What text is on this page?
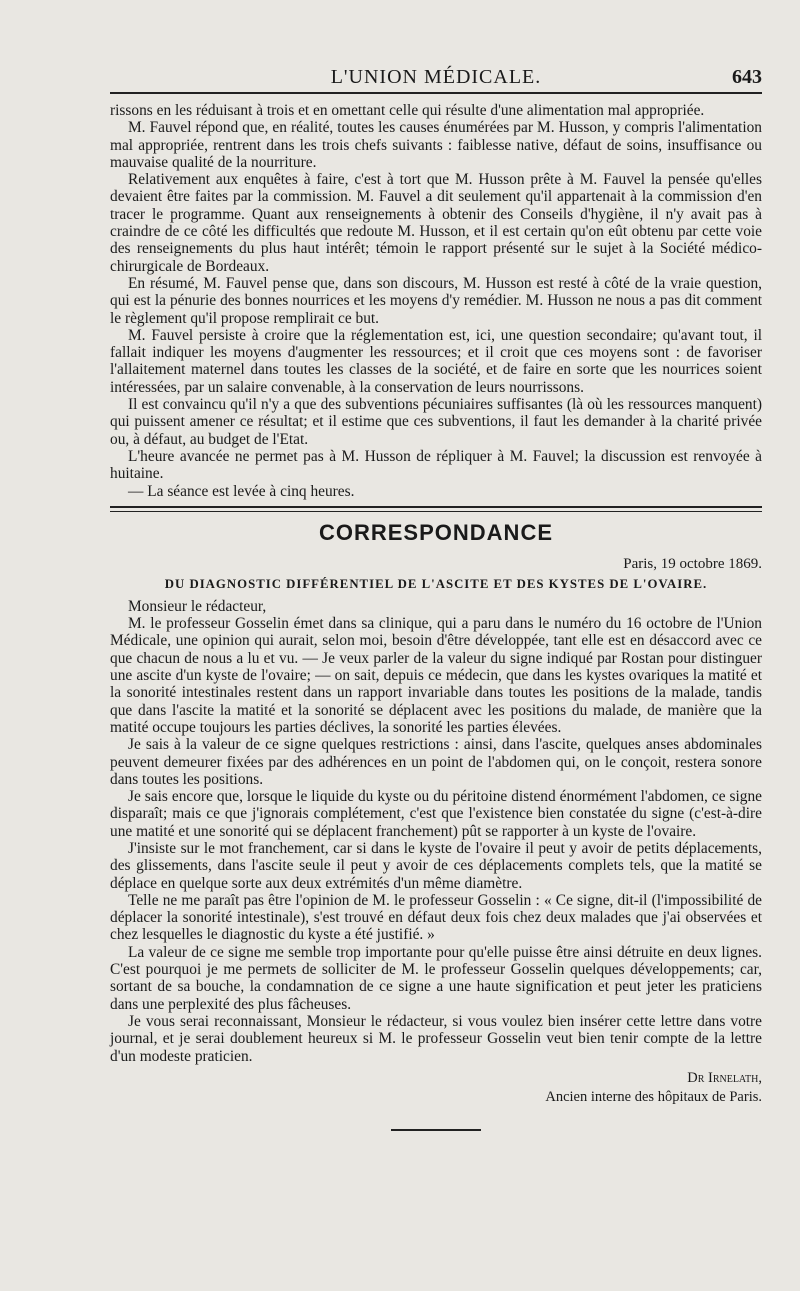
L'UNION MÉDICALE.	643

rissons en les réduisant à trois et en omettant celle qui résulte d'une alimentation mal appropriée.

M. Fauvel répond que, en réalité, toutes les causes énumérées par M. Husson, y compris l'alimentation mal appropriée, rentrent dans les trois chefs suivants : faiblesse native, défaut de soins, insuffisance ou mauvaise qualité de la nourriture.

Relativement aux enquêtes à faire, c'est à tort que M. Husson prête à M. Fauvel la pensée qu'elles devaient être faites par la commission. M. Fauvel a dit seulement qu'il appartenait à la commission d'en tracer le programme. Quant aux renseignements à obtenir des Conseils d'hygiène, il n'y avait pas à craindre de ce côté les difficultés que redoute M. Husson, et il est certain qu'on eût obtenu par cette voie des renseignements du plus haut intérêt; témoin le rapport présenté sur le sujet à la Société médico-chirurgicale de Bordeaux.

En résumé, M. Fauvel pense que, dans son discours, M. Husson est resté à côté de la vraie question, qui est la pénurie des bonnes nourrices et les moyens d'y remédier. M. Husson ne nous a pas dit comment le règlement qu'il propose remplirait ce but.

M. Fauvel persiste à croire que la réglementation est, ici, une question secondaire; qu'avant tout, il fallait indiquer les moyens d'augmenter les ressources; et il croit que ces moyens sont : de favoriser l'allaitement maternel dans toutes les classes de la société, et de faire en sorte que les nourrices soient intéressées, par un salaire convenable, à la conservation de leurs nourrissons.

Il est convaincu qu'il n'y a que des subventions pécuniaires suffisantes (là où les ressources manquent) qui puissent amener ce résultat; et il estime que ces subventions, il faut les demander à la charité privée ou, à défaut, au budget de l'Etat.

L'heure avancée ne permet pas à M. Husson de répliquer à M. Fauvel; la discussion est renvoyée à huitaine.

— La séance est levée à cinq heures.

CORRESPONDANCE
Paris, 19 octobre 1869.
DU DIAGNOSTIC DIFFÉRENTIEL DE L'ASCITE ET DES KYSTES DE L'OVAIRE.

Monsieur le rédacteur,

M. le professeur Gosselin émet dans sa clinique, qui a paru dans le numéro du 16 octobre de l'Union Médicale, une opinion qui aurait, selon moi, besoin d'être développée, tant elle est en désaccord avec ce que chacun de nous a lu et vu. — Je veux parler de la valeur du signe indiqué par Rostan pour distinguer une ascite d'un kyste de l'ovaire; — on sait, depuis ce médecin, que dans les kystes ovariques la matité et la sonorité intestinales restent dans un rapport invariable dans toutes les positions de la malade, tandis que dans l'ascite la matité et la sonorité se déplacent avec les positions du malade, de manière que la matité occupe toujours les parties déclives, la sonorité les parties élevées.

Je sais à la valeur de ce signe quelques restrictions : ainsi, dans l'ascite, quelques anses abdominales peuvent demeurer fixées par des adhérences en un point de l'abdomen qui, on le conçoit, restera sonore dans toutes les positions.

Je sais encore que, lorsque le liquide du kyste ou du péritoine distend énormément l'abdomen, ce signe disparaît; mais ce que j'ignorais complétement, c'est que l'existence bien constatée du signe (c'est-à-dire une matité et une sonorité qui se déplacent franchement) pût se rapporter à un kyste de l'ovaire.

J'insiste sur le mot franchement, car si dans le kyste de l'ovaire il peut y avoir de petits déplacements, des glissements, dans l'ascite seule il peut y avoir de ces déplacements complets tels, que la matité se déplace en quelque sorte aux deux extrémités d'un même diamètre.

Telle ne me paraît pas être l'opinion de M. le professeur Gosselin : « Ce signe, dit-il (l'impossibilité de déplacer la sonorité intestinale), s'est trouvé en défaut deux fois chez deux malades que j'ai observées et chez lesquelles le diagnostic du kyste a été justifié. »

La valeur de ce signe me semble trop importante pour qu'elle puisse être ainsi détruite en deux lignes. C'est pourquoi je me permets de solliciter de M. le professeur Gosselin quelques développements; car, sortant de sa bouche, la condamnation de ce signe a une haute signification et peut jeter les praticiens dans une perplexité des plus fâcheuses.

Je vous serai reconnaissant, Monsieur le rédacteur, si vous voulez bien insérer cette lettre dans votre journal, et je serai doublement heureux si M. le professeur Gosselin veut bien tenir compte de la lettre d'un modeste praticien.

Dr Irnelath,
Ancien interne des hôpitaux de Paris.
